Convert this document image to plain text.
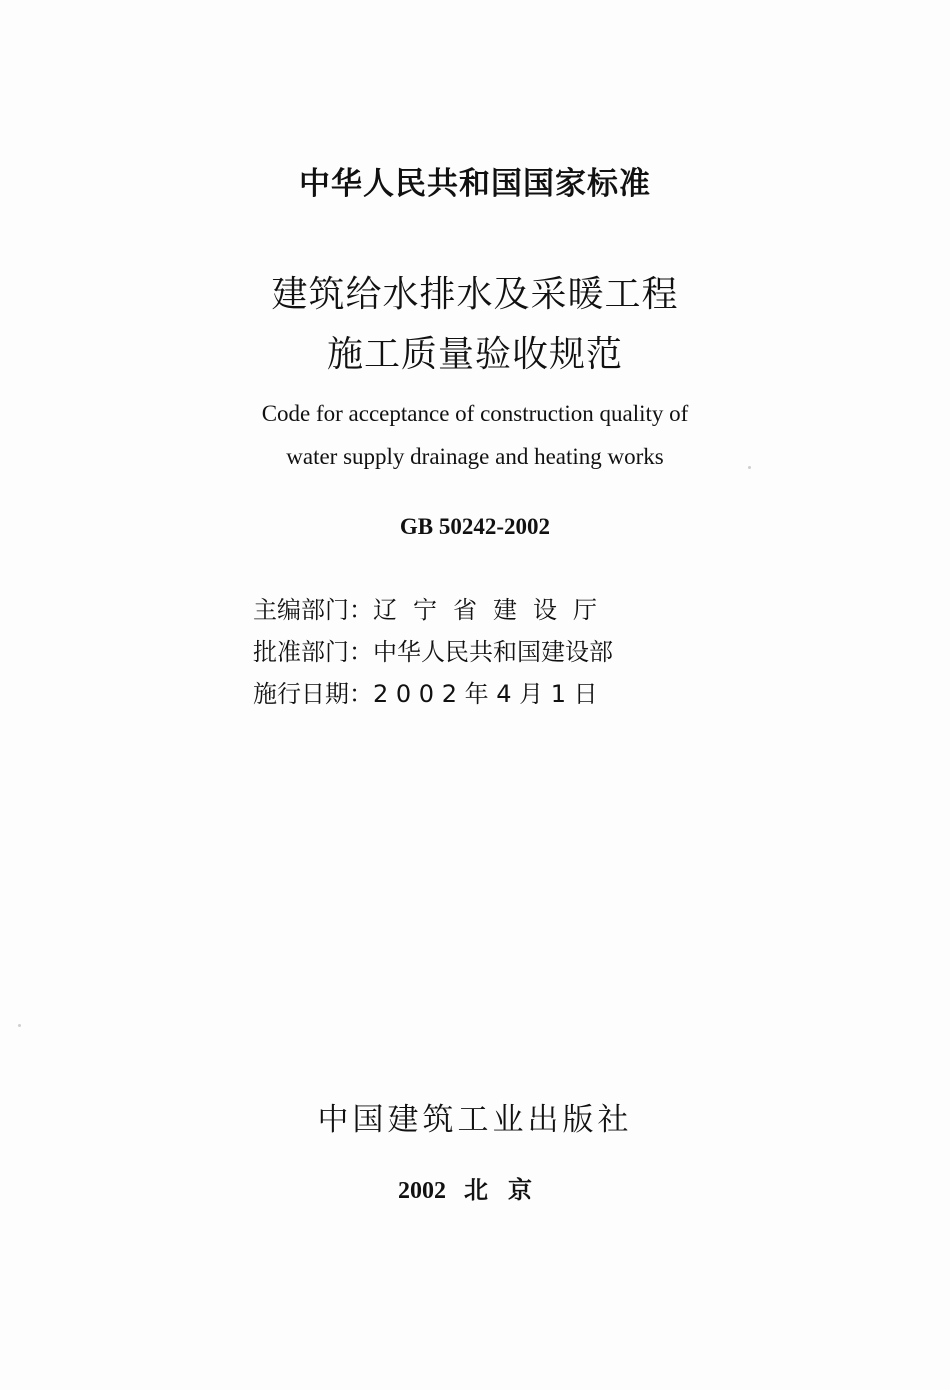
中华人民共和国国家标准
建筑给水排水及采暖工程
施工质量验收规范
Code for acceptance of construction quality of
water supply drainage and heating works
GB 50242-2002
主编部门：辽宁省建设厅
批准部门：中华人民共和国建设部
施行日期：2 0 0 2 年 4 月 1 日
中国建筑工业出版社
2002 北京
